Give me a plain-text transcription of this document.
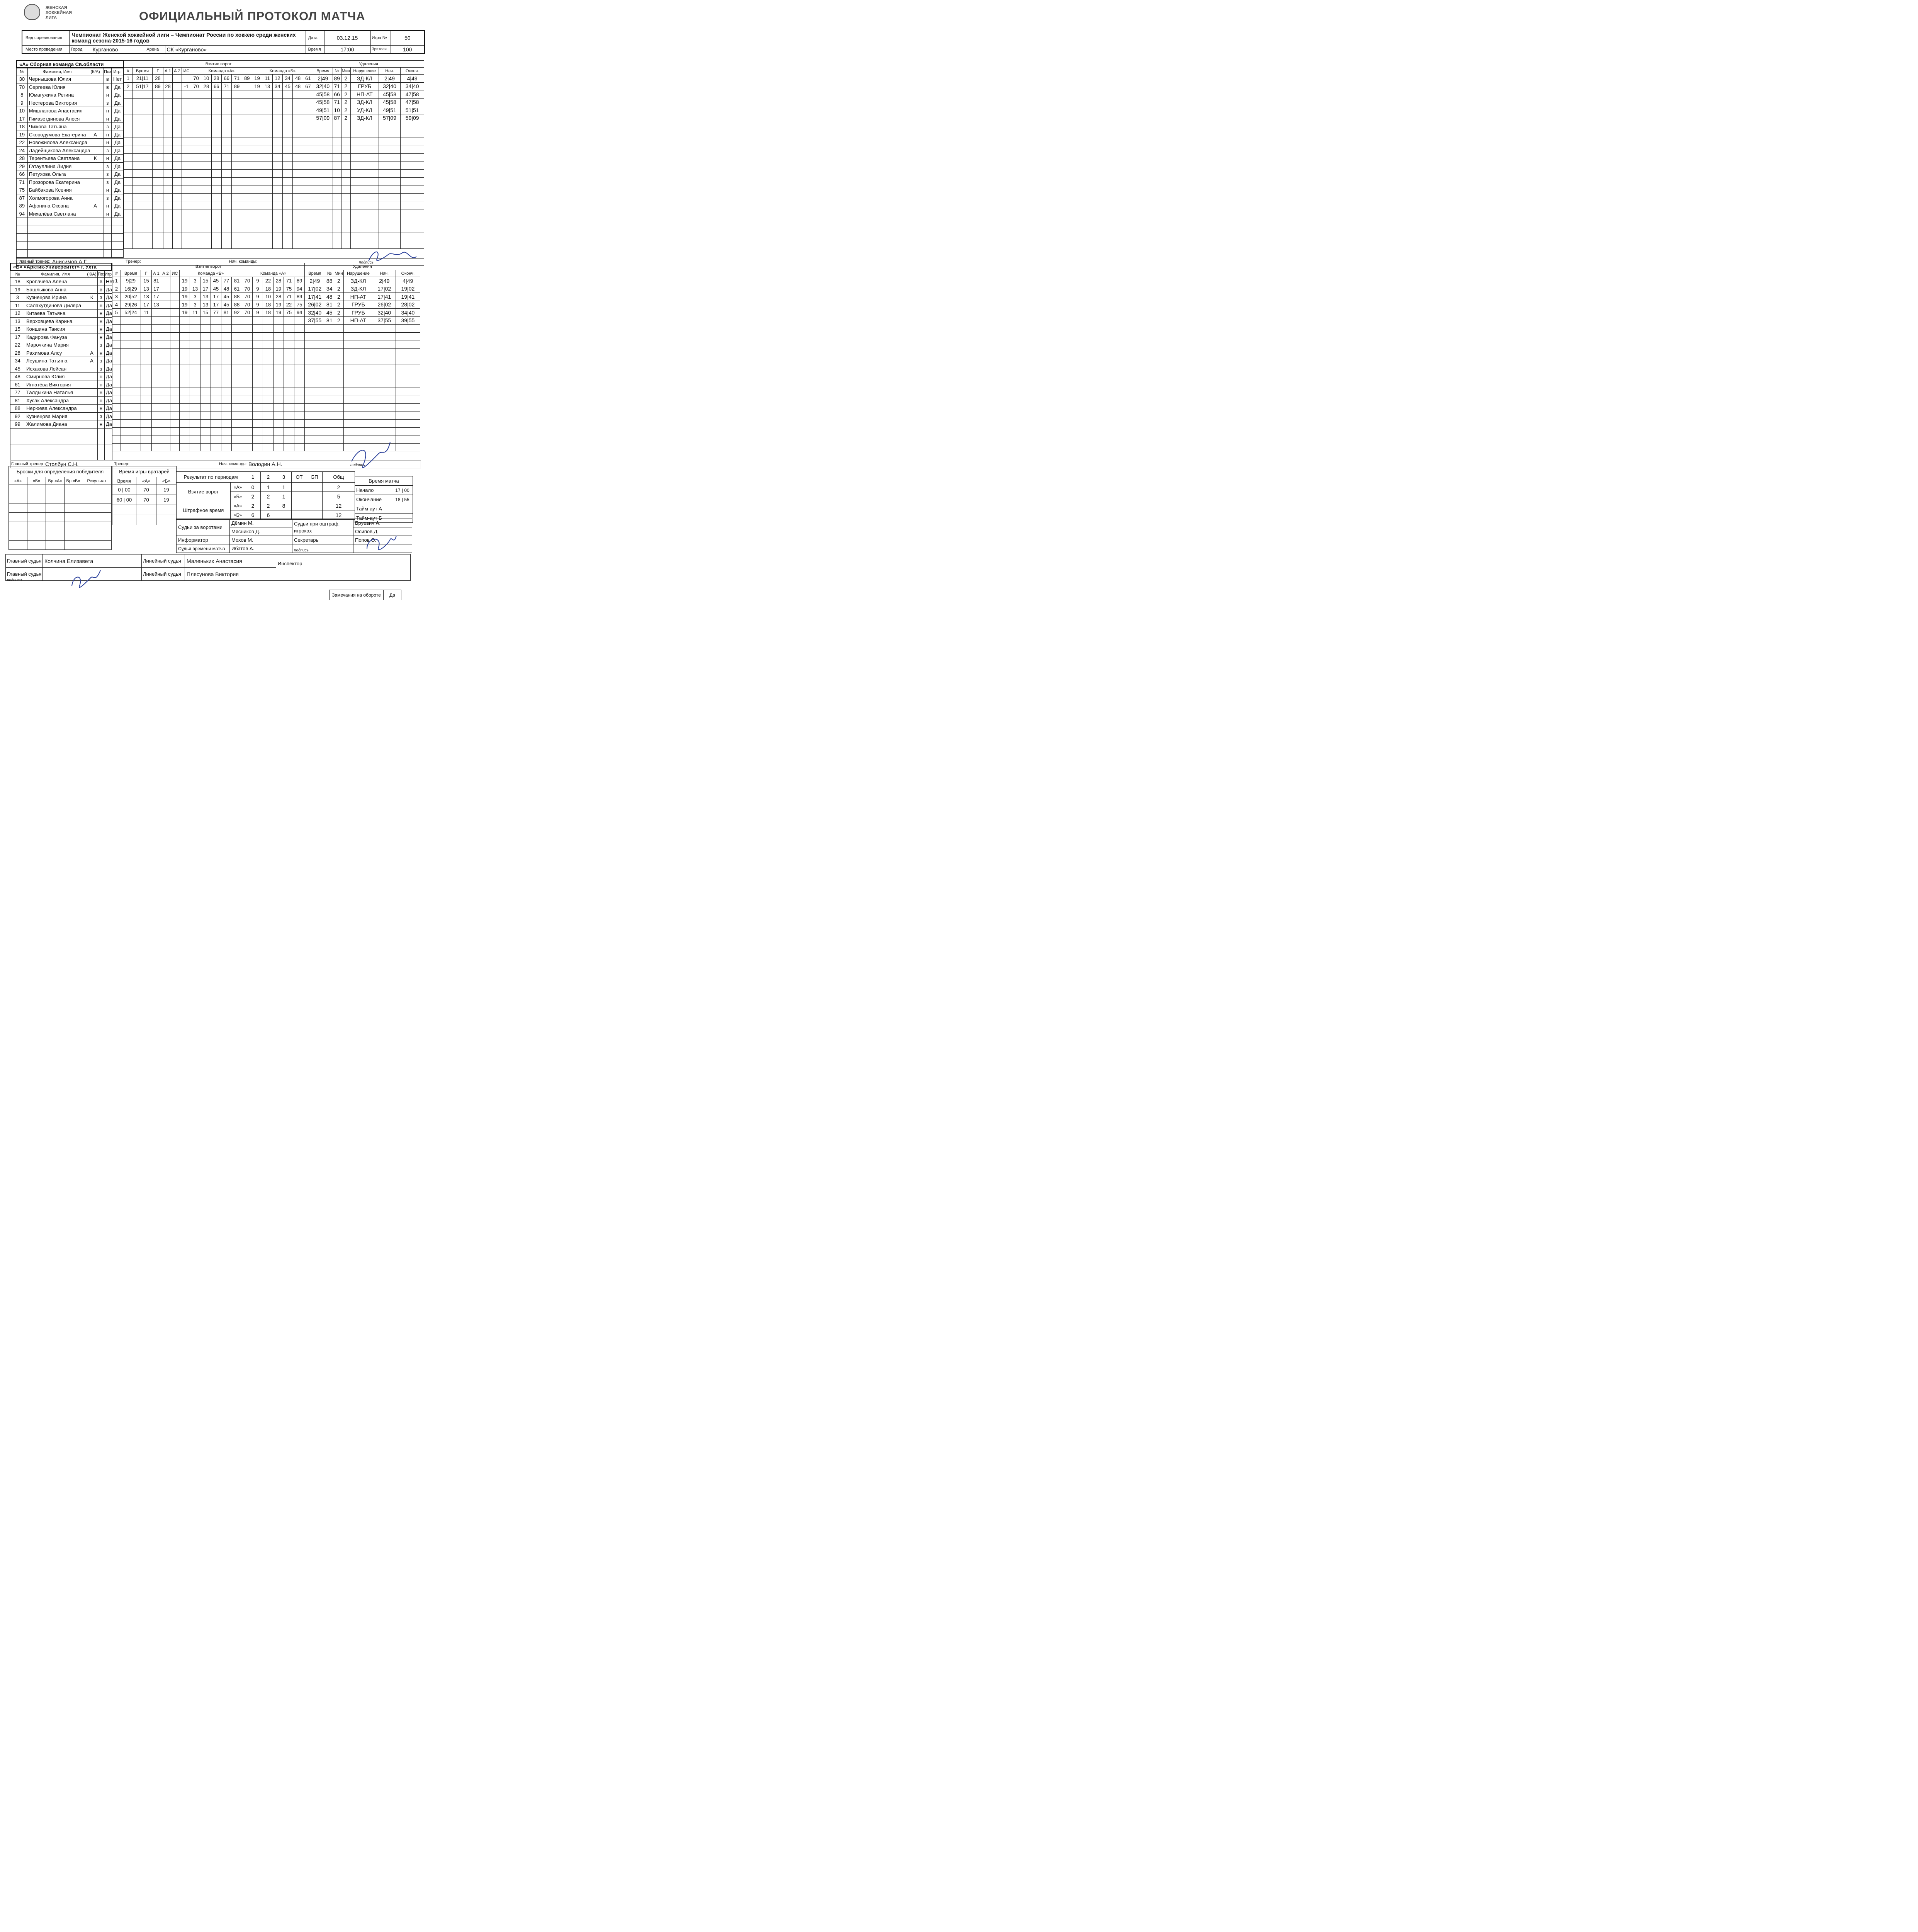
ЖЕНСКАЯ ХОККЕЙНАЯ ЛИГА	ОФИЦИАЛЬНЫЙ ПРОТОКОЛ МАТЧА
Вид соревнования	Чемпионат Женской хоккейной лиги – Чемпионат России по хоккею среди женских команд сезона-2015-16 годов				Дата	03.12.15	Игра №	50
Место проведения	Город	Курганово	Арена	СК «Курганово»	Время	17:00	Зрители	100
«А» Сборная команда Св.области
№	Фамилия, Имя	(К/А)	Поз	Игр.
30	Чернышова Юлия		в	Нет
70	Сергеева Юлия		в	Да
8	Юмагужина Регина		н	Да
9	Нестерова Виктория		з	Да
10	Мишланова Анастасия		н	Да
17	Гимазетдинова Алеся		н	Да
18	Чижова Татьяна		з	Да
19	Скородумова Екатерина	А	н	Да
22	Новожилова Александра		н	Да
24	Ладейщикова Александра		з	Да
28	Терентьева Светлана	К	н	Да
29	Гатауллина Лидия		з	Да
66	Петухова Ольга		з	Да
71	Прозорова Екатерина		з	Да
75	Байбакова Ксения		н	Да
87	Холмогорова Анна		з	Да
89	Афонина Оксана	А	н	Да
94	Михалёва Светлана		н	Да

Взятие ворот																	
#	Время	Г	А 1	А 2	ИС	Команда «А»						Команда «Б»					

1	21|11	28				70	10	28	66	71	89	19	11	12	34	48	61
2	51|17	89	28		-1	70	28	66	71	89		19	13	34	45	48	67

Удаления					
Время	№	Мин	Нарушение	Нач.	Оконч.
2|49	89	2	ЗД-КЛ	2|49	4|49
32|40	71	2	ГРУБ	32|40	34|40
45|58	66	2	НП-АТ	45|58	47|58
45|58	71	2	ЗД-КЛ	45|58	47|58
49|51	10	2	УД-КЛ	49|51	51|51
57|09	87	2	ЗД-КЛ	57|09	59|09

Главный тренер: Анисимов А.Г.	Тренер:	Нач. команды:	подпись
«Б» «Арктик-Университет» г. Ухта
№	Фамилия, Имя	(К/А)	Поз	Игр.
18	Кропачёва Алёна		в	Нет
19	Башлыкова Анна		в	Да
3	Кузнецова Ирина	К	з	Да
11	Салахутдинова Диляра		н	Да
12	Китаева Татьяна		н	Да
13	Верховцева Карина		н	Да
15	Коншина Таисия		н	Да
17	Кадирова Фануза		н	Да
22	Марочкина Мария		з	Да
28	Рахимова Алсу	А	н	Да
34	Леушина Татьяна	А	з	Да
45	Исхакова Лейсан		з	Да
48	Смирнова Юлия		н	Да
61	Игнатёва Виктория		н	Да
77	Талдыкина Наталья		н	Да
81	Хусак Александра		н	Да
88	Нерюева Александра		н	Да
92	Кузнецова Мария		з	Да
99	Жалимова Диана		н	Да

Взятие ворот																	
#	Время	Г	А 1	А 2	ИС	Команда «Б»						Команда «А»					

1	9|29	15	81			19	3	15	45	77	81	70	9	22	28	71	89
2	16|29	13	17			19	13	17	45	48	61	70	9	18	19	75	94
3	20|52	13	17			19	3	13	17	45	88	70	9	10	28	71	89
4	29|26	17	13			19	3	13	17	45	88	70	9	18	19	22	75
5	52|24	11				19	11	15	77	81	92	70	9	18	19	75	94

Удаления					
Время	№	Мин	Нарушение	Нач.	Оконч.
2|49	88	2	ЗД-КЛ	2|49	4|49
17|02	34	2	ЗД-КЛ	17|02	19|02
17|41	48	2	НП-АТ	17|41	19|41
26|02	81	2	ГРУБ	26|02	28|02
32|40	45	2	ГРУБ	32|40	34|40
37|55	81	2	НП-АТ	37|55	39|55

Главный тренер : Столбун С.Н.	Тренер:	Нач. команды: Володин А.Н.	подпись
Броски для определения победителя				
«А»	«Б»	Вр «А»	Вр «Б»	Результат

Время игры вратарей		
Время	«А»	«Б»
0 | 00	70	19
60 | 00	70	19

Результат по периодам		1	2	3	ОТ	БП	Общ
Взятие ворот	«А»	0	1	1			2
	«Б»	2	2	1			5
Штрафное время	«А»	2	2	8			12
	«Б»	6	6				12
Время матча	
Начало	17 | 00
Окончание	18 | 55
Тайм-аут А	
Тайм-аут Б	
Судьи за воротами	Дёмин М.	Судьи при оштраф. игроках	Бруевич А.
	Мясников Д.		Осипов Д.
Информатор	Мохов М.	Секретарь	Попов О.
Судья времени матча	Ибатов А.	подпись	
Главный судья	Колчина Елизавета	Линейный судья	Маленьких Анастасия	Инспектор	
Главный судья		Линейный судья	Плясунова Виктория		
подписи
Замечания на обороте	Да
